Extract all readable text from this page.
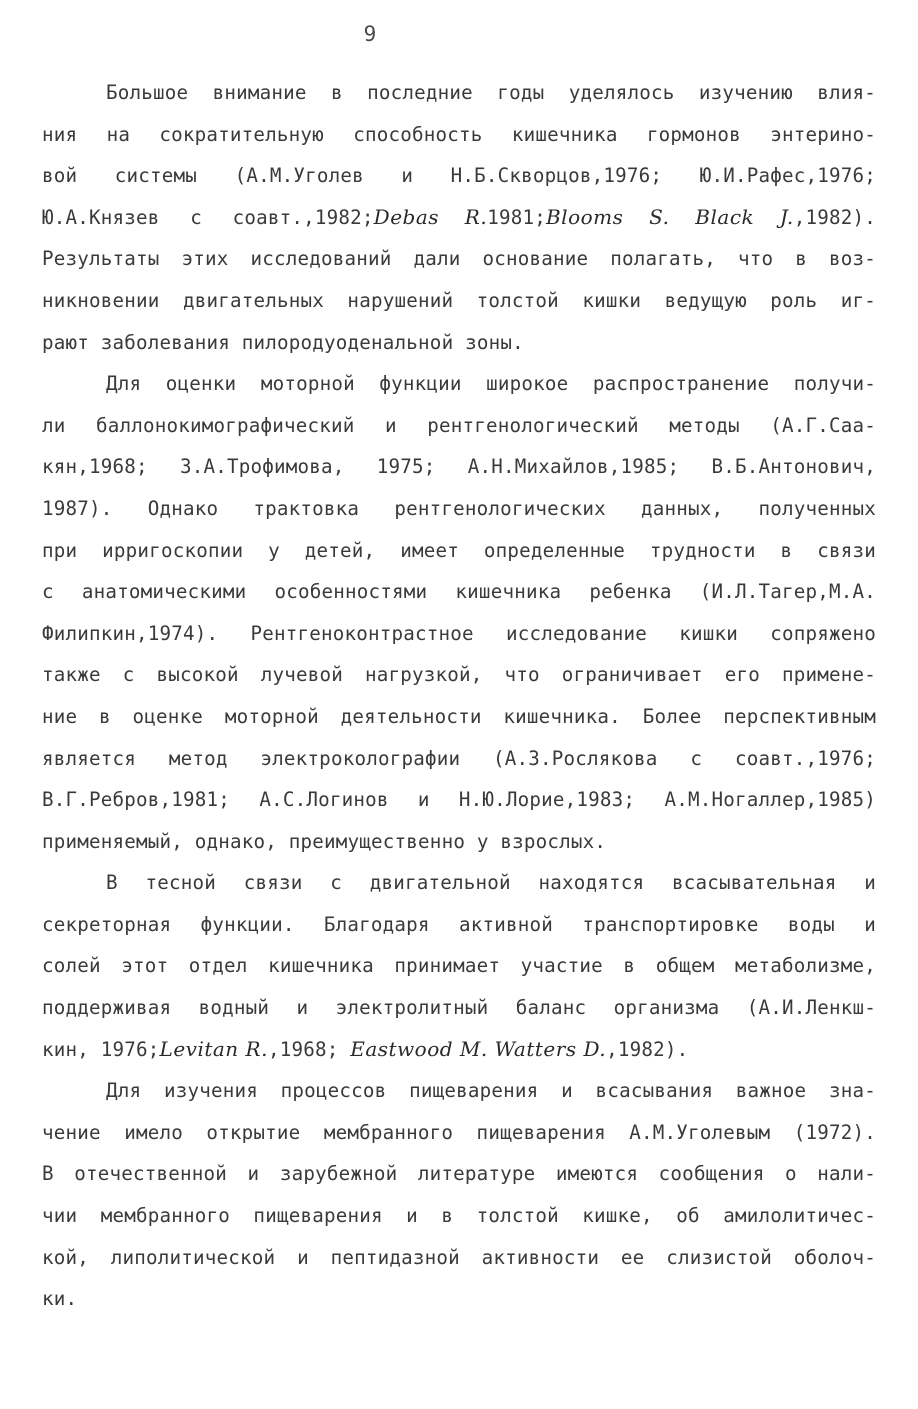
9
Большое внимание в последние годы уделялось изучению влия-
ния на сократительную способность кишечника гормонов энтерино-
вой системы (А.М.Уголев и Н.Б.Скворцов,1976; Ю.И.Рафес,1976;
Ю.А.Князев с соавт.,1982;Debas R.1981;Blooms S. Black J.,1982).
Результаты этих исследований дали основание полагать, что в воз-
никновении двигательных нарушений толстой кишки ведущую роль иг-
рают заболевания пилородуоденальной зоны.
Для оценки моторной функции широкое распространение получи-
ли баллонокимографический и рентгенологический методы (А.Г.Саа-
кян,1968; З.А.Трофимова, 1975; А.Н.Михайлов,1985; В.Б.Антонович,
1987). Однако трактовка рентгенологических данных, полученных
при ирригоскопии у детей, имеет определенные трудности в связи
с анатомическими особенностями кишечника ребенка (И.Л.Тагер,М.А.
Филипкин,1974). Рентгеноконтрастное исследование кишки сопряжено
также с высокой лучевой нагрузкой, что ограничивает его примене-
ние в оценке моторной деятельности кишечника. Более перспективным
является метод электроколографии (А.З.Рослякова с соавт.,1976;
В.Г.Ребров,1981; А.С.Логинов и Н.Ю.Лорие,1983; А.М.Ногаллер,1985)
применяемый, однако, преимущественно у взрослых.
В тесной связи с двигательной находятся всасывательная и
секреторная функции. Благодаря активной транспортировке воды и
солей этот отдел кишечника принимает участие в общем метаболизме,
поддерживая водный и электролитный баланс организма (А.И.Ленкш-
кин, 1976;Levitan R.,1968; Eastwood M. Watters D.,1982).
Для изучения процессов пищеварения и всасывания важное зна-
чение имело открытие мембранного пищеварения А.М.Уголевым (1972).
В отечественной и зарубежной литературе имеются сообщения о нали-
чии мембранного пищеварения и в толстой кишке, об амилолитичес-
кой, липолитической и пептидазной активности ее слизистой оболоч-
ки.
